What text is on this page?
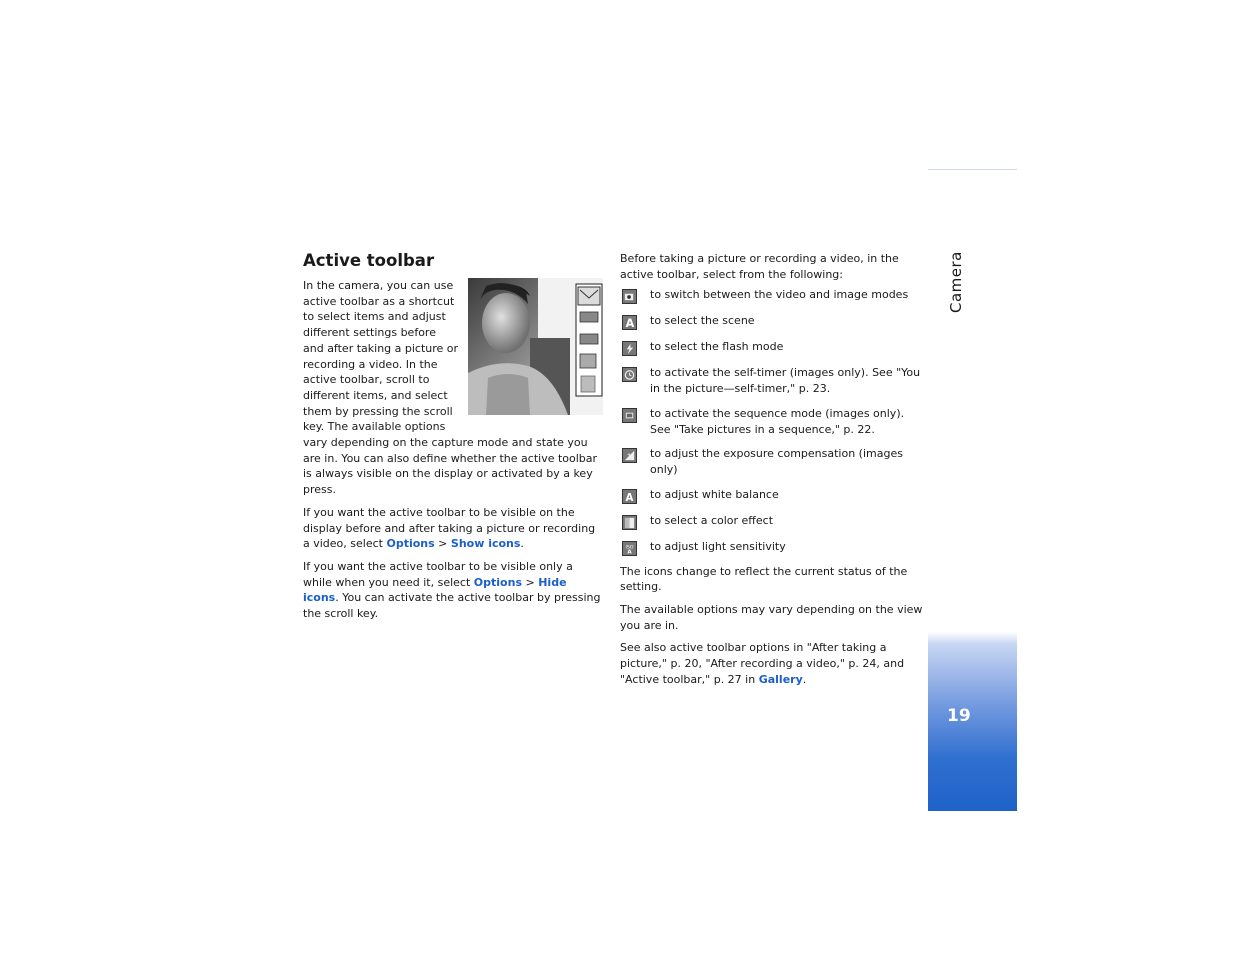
Active toolbar

In the camera, you can use active toolbar as a shortcut to select items and adjust different settings before and after taking a picture or recording a video. In the active toolbar, scroll to different items, and select them by pressing the scroll key. The available options vary depending on the capture mode and state you are in. You can also define whether the active toolbar is always visible on the display or activated by a key press.

If you want the active toolbar to be visible on the display before and after taking a picture or recording a video, select Options > Show icons.

If you want the active toolbar to be visible only a while when you need it, select Options > Hide icons. You can activate the active toolbar by pressing the scroll key.

Before taking a picture or recording a video, in the active toolbar, select from the following:

to switch between the video and image modes
A to select the scene
to select the flash mode
to activate the self-timer (images only). See "You in the picture—self-timer," p. 23.
to activate the sequence mode (images only). See "Take pictures in a sequence," p. 22.
+ to adjust the exposure compensation (images only)
A to adjust white balance
to select a color effect
ISO
A to adjust light sensitivity

The icons change to reflect the current status of the setting.

The available options may vary depending on the view you are in.

See also active toolbar options in "After taking a picture," p. 20, "After recording a video," p. 24, and "Active toolbar," p. 27 in Gallery.

Camera
19
